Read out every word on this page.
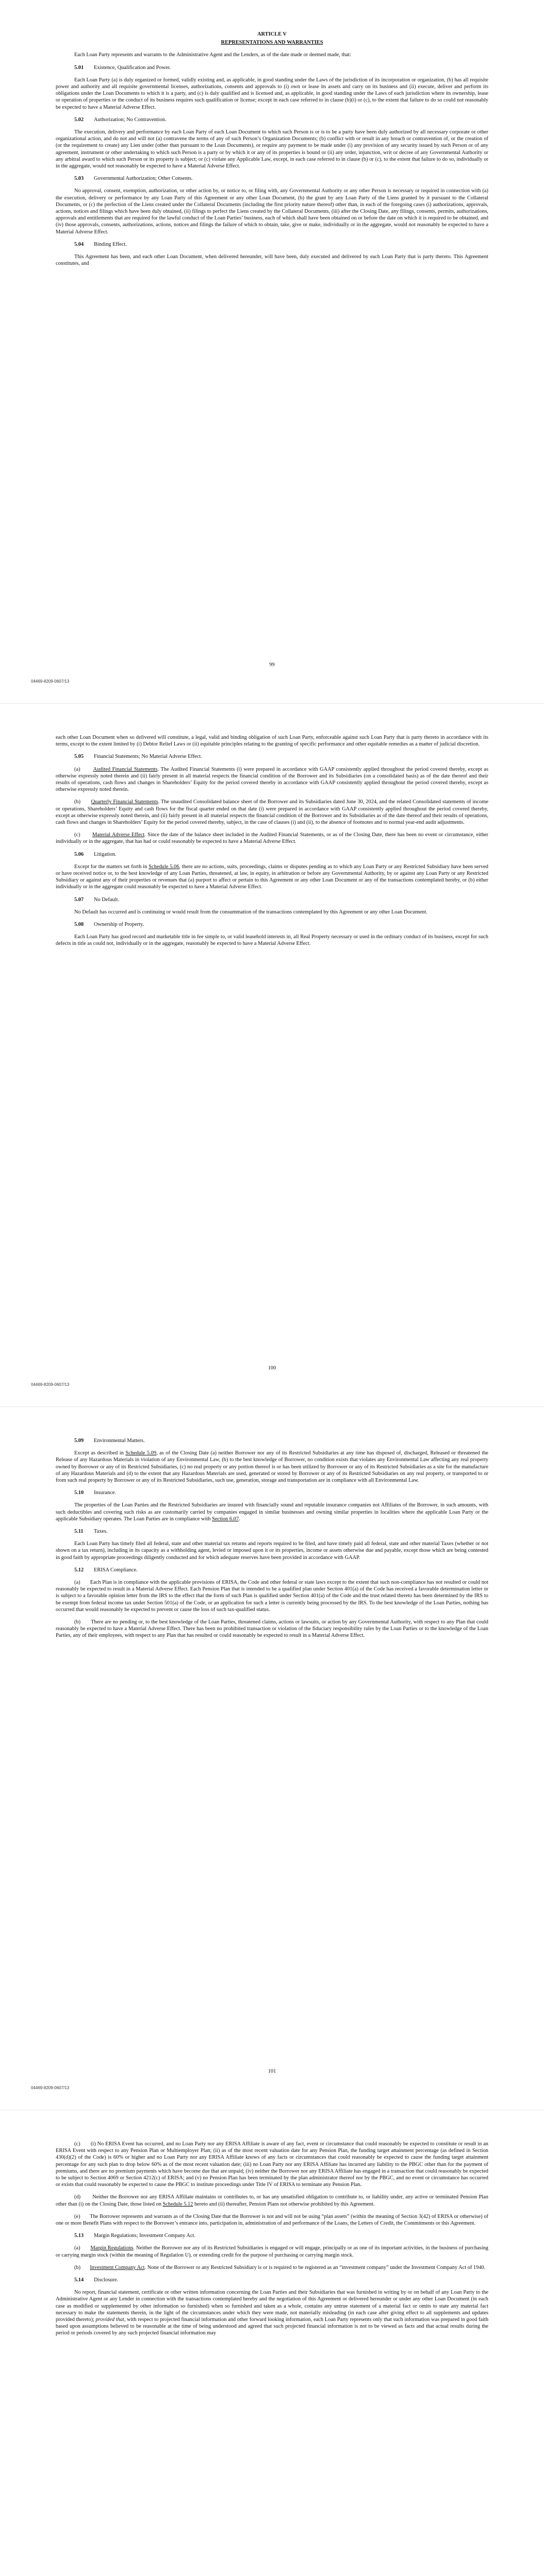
ARTICLE V

REPRESENTATIONS AND WARRANTIES

Each Loan Party represents and warrants to the Administrative Agent and the Lenders, as of the date made or deemed made, that:

5.01 Existence, Qualification and Power.

Each Loan Party (a) is duly organized or formed, validly existing and, as applicable, in good standing under the Laws of the jurisdiction of its incorporation or organization, (b) has all requisite power and authority and all requisite governmental licenses, authorizations, consents and approvals to (i) own or lease its assets and carry on its business and (ii) execute, deliver and perform its obligations under the Loan Documents to which it is a party, and (c) is duly qualified and is licensed and, as applicable, in good standing under the Laws of each jurisdiction where its ownership, lease or operation of properties or the conduct of its business requires such qualification or license; except in each case referred to in clause (b)(i) or (c), to the extent that failure to do so could not reasonably be expected to have a Material Adverse Effect.

5.02 Authorization; No Contravention.

The execution, delivery and performance by each Loan Party of each Loan Document to which such Person is or is to be a party have been duly authorized by all necessary corporate or other organizational action, and do not and will not (a) contravene the terms of any of such Person’s Organization Documents; (b) conflict with or result in any breach or contravention of, or the creation of (or the requirement to create) any Lien under (other than pursuant to the Loan Documents), or require any payment to be made under (i) any provision of any security issued by such Person or of any agreement, instrument or other undertaking to which such Person is a party or by which it or any of its properties is bound or (ii) any order, injunction, writ or decree of any Governmental Authority or any arbitral award to which such Person or its property is subject; or (c) violate any Applicable Law, except, in each case referred to in clause (b) or (c), to the extent that failure to do so, individually or in the aggregate, would not reasonably be expected to have a Material Adverse Effect.

5.03 Governmental Authorization; Other Consents.

No approval, consent, exemption, authorization, or other action by, or notice to, or filing with, any Governmental Authority or any other Person is necessary or required in connection with (a) the execution, delivery or performance by any Loan Party of this Agreement or any other Loan Document, (b) the grant by any Loan Party of the Liens granted by it pursuant to the Collateral Documents, or (c) the perfection of the Liens created under the Collateral Documents (including the first priority nature thereof) other than, in each of the foregoing cases (i) authorizations, approvals, actions, notices and filings which have been duly obtained, (ii) filings to perfect the Liens created by the Collateral Documents, (iii) after the Closing Date, any filings, consents, permits, authorizations, approvals and entitlements that are required for the lawful conduct of the Loan Parties’ business, each of which shall have been obtained on or before the date on which it is required to be obtained, and (iv) those approvals, consents, authorizations, actions, notices and filings the failure of which to obtain, take, give or make, individually or in the aggregate, would not reasonably be expected to have a Material Adverse Effect.

5.04 Binding Effect.

This Agreement has been, and each other Loan Document, when delivered hereunder, will have been, duly executed and delivered by each Loan Party that is party thereto. This Agreement constitutes, and

99
04469-8209-0607/13

each other Loan Document when so delivered will constitute, a legal, valid and binding obligation of such Loan Party, enforceable against such Loan Party that is party thereto in accordance with its terms, except to the extent limited by (i) Debtor Relief Laws or (ii) equitable principles relating to the granting of specific performance and other equitable remedies as a matter of judicial discretion.

5.05 Financial Statements; No Material Adverse Effect.

(a) Audited Financial Statements. The Audited Financial Statements (i) were prepared in accordance with GAAP consistently applied throughout the period covered thereby, except as otherwise expressly noted therein and (ii) fairly present in all material respects the financial condition of the Borrower and its Subsidiaries (on a consolidated basis) as of the date thereof and their results of operations, cash flows and changes in Shareholders’ Equity for the period covered thereby in accordance with GAAP consistently applied throughout the period covered thereby, except as otherwise expressly noted therein.

(b) Quarterly Financial Statements. The unaudited Consolidated balance sheet of the Borrower and its Subsidiaries dated June 30, 2024, and the related Consolidated statements of income or operations, Shareholders’ Equity and cash flows for the fiscal quarter ended on that date (i) were prepared in accordance with GAAP consistently applied throughout the period covered thereby, except as otherwise expressly noted therein, and (ii) fairly present in all material respects the financial condition of the Borrower and its Subsidiaries as of the date thereof and their results of operations, cash flows and changes in Shareholders’ Equity for the period covered thereby, subject, in the case of clauses (i) and (ii), to the absence of footnotes and to normal year-end audit adjustments.

(c) Material Adverse Effect. Since the date of the balance sheet included in the Audited Financial Statements, or as of the Closing Date, there has been no event or circumstance, either individually or in the aggregate, that has had or could reasonably be expected to have a Material Adverse Effect.

5.06 Litigation.

Except for the matters set forth in Schedule 5.06, there are no actions, suits, proceedings, claims or disputes pending as to which any Loan Party or any Restricted Subsidiary have been served or have received notice or, to the best knowledge of any Loan Parties, threatened, at law, in equity, in arbitration or before any Governmental Authority, by or against any Loan Party or any Restricted Subsidiary or against any of their properties or revenues that (a) purport to affect or pertain to this Agreement or any other Loan Document or any of the transactions contemplated hereby, or (b) either individually or in the aggregate could reasonably be expected to have a Material Adverse Effect.

5.07 No Default.

No Default has occurred and is continuing or would result from the consummation of the transactions contemplated by this Agreement or any other Loan Document.

5.08 Ownership of Property.

Each Loan Party has good record and marketable title in fee simple to, or valid leasehold interests in, all Real Property necessary or used in the ordinary conduct of its business, except for such defects in title as could not, individually or in the aggregate, reasonably be expected to have a Material Adverse Effect.

100
04469-8209-0607/13

5.09 Environmental Matters.

Except as described in Schedule 5.09, as of the Closing Date (a) neither Borrower nor any of its Restricted Subsidiaries at any time has disposed of, discharged, Released or threatened the Release of any Hazardous Materials in violation of any Environmental Law, (b) to the best knowledge of Borrower, no condition exists that violates any Environmental Law affecting any real property owned by Borrower or any of its Restricted Subsidiaries, (c) no real property or any portion thereof is or has been utilized by Borrower or any of its Restricted Subsidiaries as a site for the manufacture of any Hazardous Materials and (d) to the extent that any Hazardous Materials are used, generated or stored by Borrower or any of its Restricted Subsidiaries on any real property, or transported to or from such real property by Borrower or any of its Restricted Subsidiaries, such use, generation, storage and transportation are in compliance with all Environmental Law.

5.10 Insurance.

The properties of the Loan Parties and the Restricted Subsidiaries are insured with financially sound and reputable insurance companies not Affiliates of the Borrower, in such amounts, with such deductibles and covering such risks as are customarily carried by companies engaged in similar businesses and owning similar properties in localities where the applicable Loan Party or the applicable Subsidiary operates. The Loan Parties are in compliance with Section 6.07.

5.11 Taxes.

Each Loan Party has timely filed all federal, state and other material tax returns and reports required to be filed, and have timely paid all federal, state and other material Taxes (whether or not shown on a tax return), including in its capacity as a withholding agent, levied or imposed upon it or its properties, income or assets otherwise due and payable, except those which are being contested in good faith by appropriate proceedings diligently conducted and for which adequate reserves have been provided in accordance with GAAP.

5.12 ERISA Compliance.

(a) Each Plan is in compliance with the applicable provisions of ERISA, the Code and other federal or state laws except to the extent that such non-compliance has not resulted or could not reasonably be expected to result in a Material Adverse Effect. Each Pension Plan that is intended to be a qualified plan under Section 401(a) of the Code has received a favorable determination letter or is subject to a favorable opinion letter from the IRS to the effect that the form of such Plan is qualified under Section 401(a) of the Code and the trust related thereto has been determined by the IRS to be exempt from federal income tax under Section 501(a) of the Code, or an application for such a letter is currently being processed by the IRS. To the best knowledge of the Loan Parties, nothing has occurred that would reasonably be expected to prevent or cause the loss of such tax-qualified status.

(b) There are no pending or, to the best knowledge of the Loan Parties, threatened claims, actions or lawsuits, or action by any Governmental Authority, with respect to any Plan that could reasonably be expected to have a Material Adverse Effect. There has been no prohibited transaction or violation of the fiduciary responsibility rules by the Loan Parties or to the knowledge of the Loan Parties, any of their employees, with respect to any Plan that has resulted or could reasonably be expected to result in a Material Adverse Effect.

101
04469-8209-0607/13

(c) (i) No ERISA Event has occurred, and no Loan Party nor any ERISA Affiliate is aware of any fact, event or circumstance that could reasonably be expected to constitute or result in an ERISA Event with respect to any Pension Plan or Multiemployer Plan; (ii) as of the most recent valuation date for any Pension Plan, the funding target attainment percentage (as defined in Section 430(d)(2) of the Code) is 60% or higher and no Loan Party nor any ERISA Affiliate knows of any facts or circumstances that could reasonably be expected to cause the funding target attainment percentage for any such plan to drop below 60% as of the most recent valuation date; (iii) no Loan Party nor any ERISA Affiliate has incurred any liability to the PBGC other than for the payment of premiums, and there are no premium payments which have become due that are unpaid; (iv) neither the Borrower nor any ERISA Affiliate has engaged in a transaction that could reasonably be expected to be subject to Section 4069 or Section 4212(c) of ERISA; and (v) no Pension Plan has been terminated by the plan administrator thereof nor by the PBGC, and no event or circumstance has occurred or exists that could reasonably be expected to cause the PBGC to institute proceedings under Title IV of ERISA to terminate any Pension Plan.

(d) Neither the Borrower nor any ERISA Affiliate maintains or contributes to, or has any unsatisfied obligation to contribute to, or liability under, any active or terminated Pension Plan other than (i) on the Closing Date, those listed on Schedule 5.12 hereto and (ii) thereafter, Pension Plans not otherwise prohibited by this Agreement.

(e) The Borrower represents and warrants as of the Closing Date that the Borrower is not and will not be using “plan assets” (within the meaning of Section 3(42) of ERISA or otherwise) of one or more Benefit Plans with respect to the Borrower’s entrance into, participation in, administration of and performance of the Loans, the Letters of Credit, the Commitments or this Agreement.

5.13 Margin Regulations; Investment Company Act.

(a) Margin Regulations. Neither the Borrower nor any of its Restricted Subsidiaries is engaged or will engage, principally or as one of its important activities, in the business of purchasing or carrying margin stock (within the meaning of Regulation U), or extending credit for the purpose of purchasing or carrying margin stock.

(b) Investment Company Act. None of the Borrower or any Restricted Subsidiary is or is required to be registered as an “investment company” under the Investment Company Act of 1940.

5.14 Disclosure.

No report, financial statement, certificate or other written information concerning the Loan Parties and their Subsidiaries that was furnished in writing by or on behalf of any Loan Party to the Administrative Agent or any Lender in connection with the transactions contemplated hereby and the negotiation of this Agreement or delivered hereunder or under any other Loan Document (in each case as modified or supplemented by other information so furnished) when so furnished and taken as a whole, contains any untrue statement of a material fact or omits to state any material fact necessary to make the statements therein, in the light of the circumstances under which they were made, not materially misleading (in each case after giving effect to all supplements and updates provided thereto); provided that, with respect to projected financial information and other forward looking information, each Loan Party represents only that such information was prepared in good faith based upon assumptions believed to be reasonable at the time of being understood and agreed that such projected financial information is not to be viewed as facts and that actual results during the period or periods covered by any such projected financial information may
